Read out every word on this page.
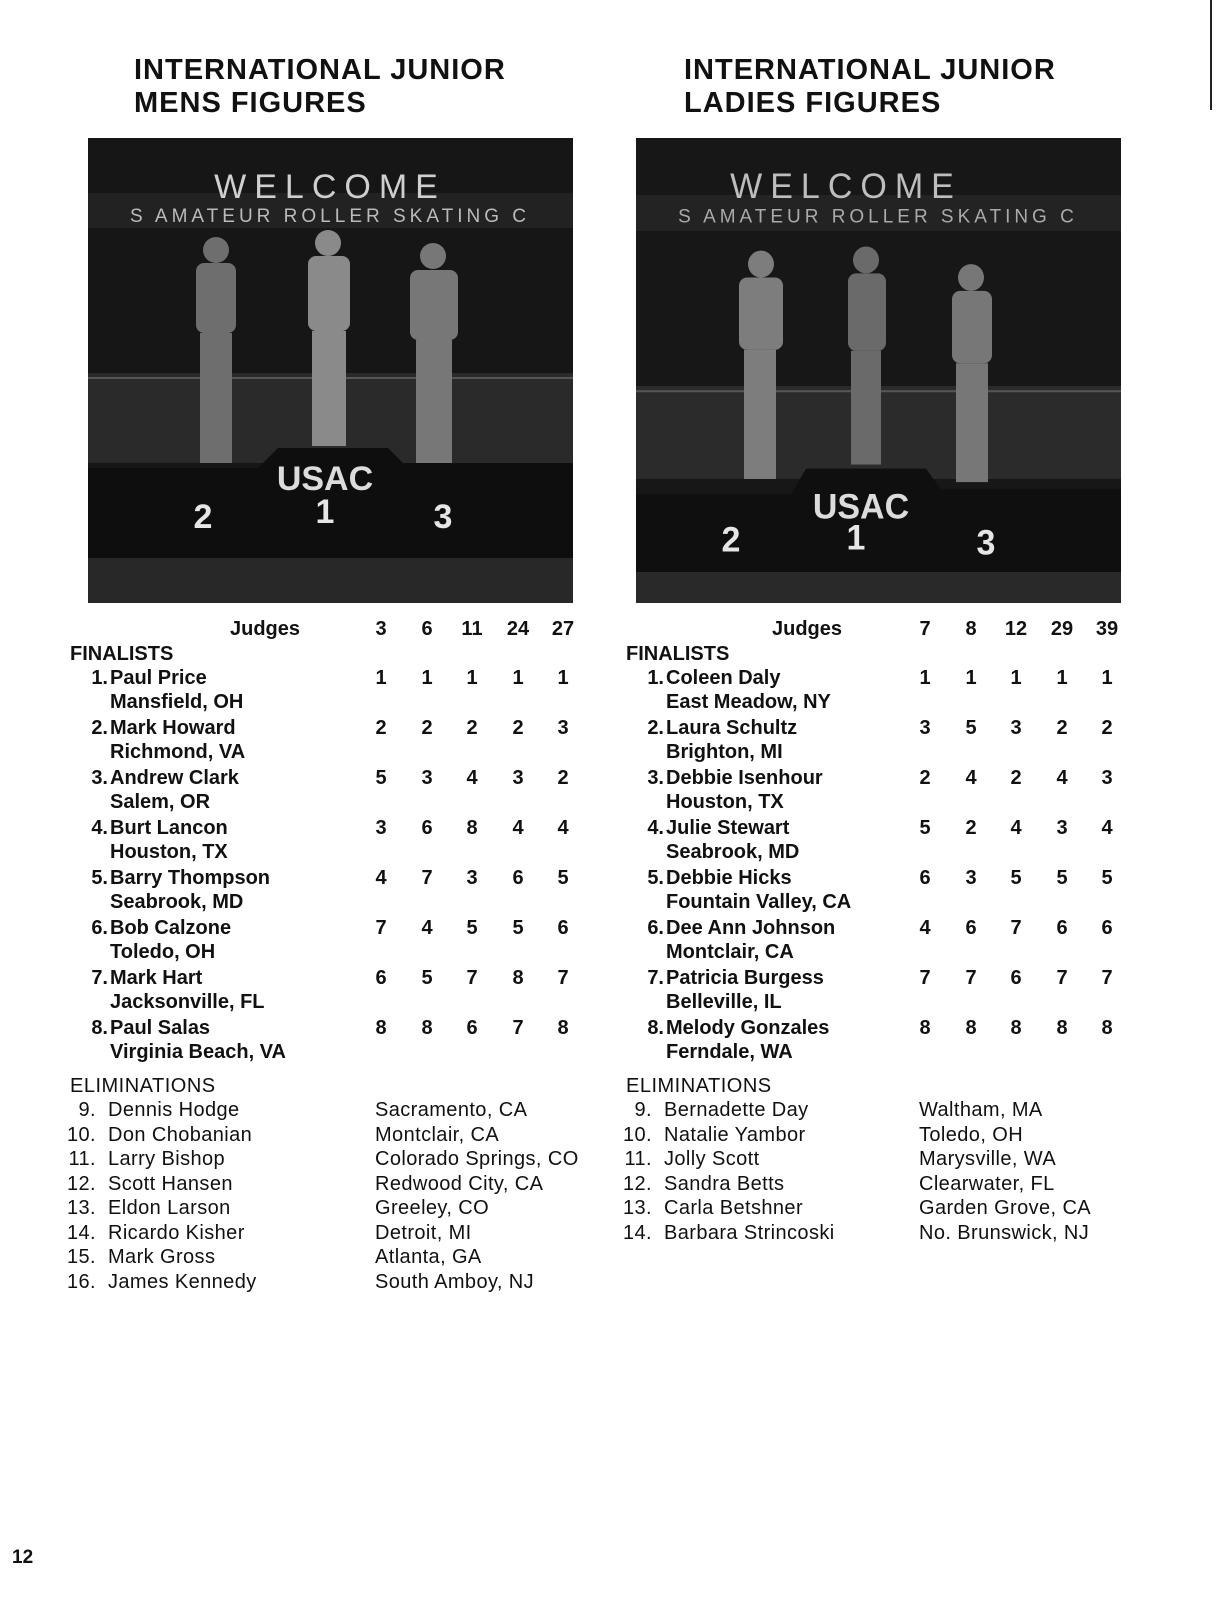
INTERNATIONAL JUNIOR
MENS FIGURES
WELCOME
S AMATEUR ROLLER SKATING C
USAC
2	1	3
Judges	3	6	11 24 27
FINALISTS
1. Paul Price
Mansfield, OH
1	1	1	1	1
2. Mark Howard
Richmond, VA
2	2	2	2	3
3. Andrew Clark
Salem, OR
5	3	4	3	2
4. Burt Lancon
Houston, TX
3	6	8	4	4
5. Barry Thompson
Seabrook, MD
4	7	3	6	5
6. Bob Calzone
Toledo, OH
7	4	5	5	6
7. Mark Hart
Jacksonville, FL
6	5	7	8	7
8. Paul Salas
Virginia Beach, VA
8	8	6	7	8
ELIMINATIONS
9. Dennis Hodge	Sacramento, CA
10. Don Chobanian	Montclair, CA
11. Larry Bishop	Colorado Springs, CO
12. Scott Hansen	Redwood City, CA
13. Eldon Larson	Greeley, CO
14. Ricardo Kisher	Detroit, MI
15. Mark Gross	Atlanta, GA
16. James Kennedy	South Amboy, NJ
INTERNATIONAL JUNIOR
LADIES FIGURES
WELCOME
S AMATEUR ROLLER SKATING C
USAC
2	1	3
Judges	7	8	12 29 39
FINALISTS
1. Coleen Daly
East Meadow, NY
1	1	1	1	1
2. Laura Schultz
Brighton, MI
3	5	3	2	2
3. Debbie Isenhour
Houston, TX
2	4	2	4	3
4. Julie Stewart
Seabrook, MD
5	2	4	3	4
5. Debbie Hicks
Fountain Valley, CA
6	3	5	5	5
6. Dee Ann Johnson
Montclair, CA
4	6	7	6	6
7. Patricia Burgess
Belleville, IL
7	7	6	7	7
8. Melody Gonzales
Ferndale, WA
8	8	8	8	8
ELIMINATIONS
9. Bernadette Day	Waltham, MA
10. Natalie Yambor	Toledo, OH
11. Jolly Scott	Marysville, WA
12. Sandra Betts	Clearwater, FL
13. Carla Betshner	Garden Grove, CA
14. Barbara Strincoski	No. Brunswick, NJ
12
